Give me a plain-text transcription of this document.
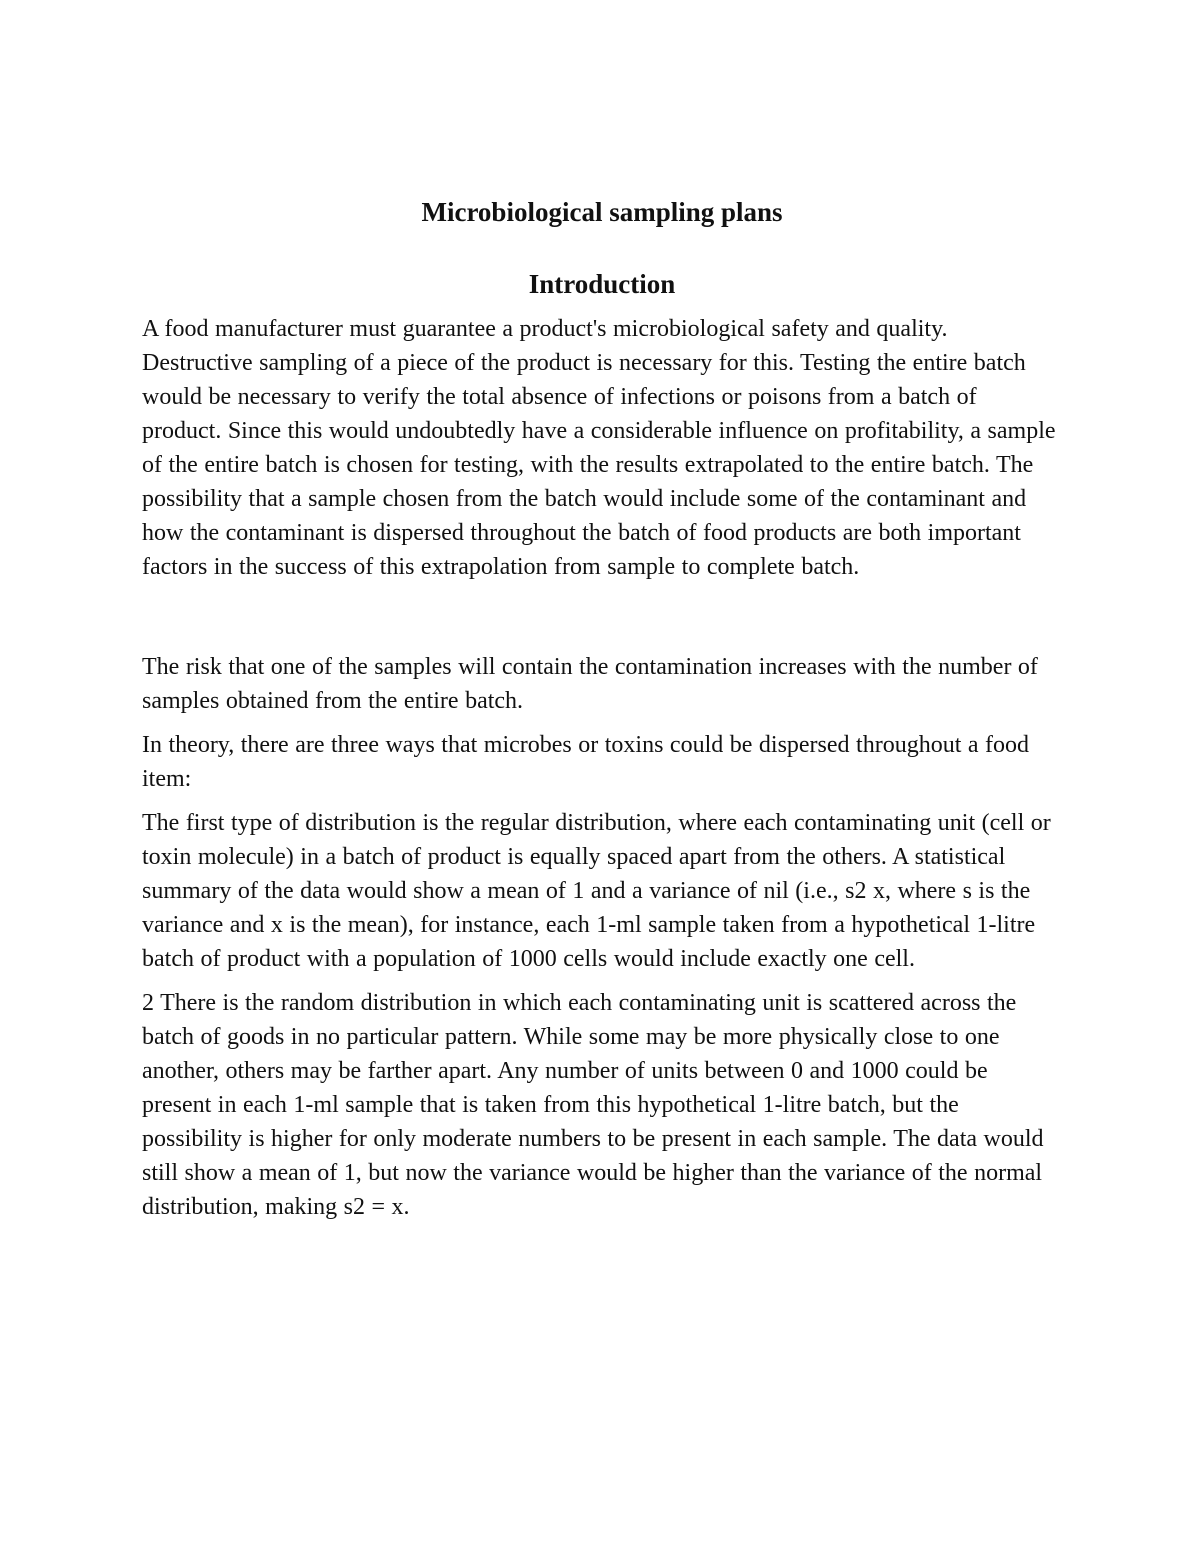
Microbiological sampling plans
Introduction

A food manufacturer must guarantee a product's microbiological safety and quality. Destructive sampling of a piece of the product is necessary for this. Testing the entire batch would be necessary to verify the total absence of infections or poisons from a batch of product. Since this would undoubtedly have a considerable influence on profitability, a sample of the entire batch is chosen for testing, with the results extrapolated to the entire batch. The possibility that a sample chosen from the batch would include some of the contaminant and how the contaminant is dispersed throughout the batch of food products are both important factors in the success of this extrapolation from sample to complete batch.

The risk that one of the samples will contain the contamination increases with the number of samples obtained from the entire batch.

In theory, there are three ways that microbes or toxins could be dispersed throughout a food item:

The first type of distribution is the regular distribution, where each contaminating unit (cell or toxin molecule) in a batch of product is equally spaced apart from the others. A statistical summary of the data would show a mean of 1 and a variance of nil (i.e., s2 x, where s is the variance and x is the mean), for instance, each 1-ml sample taken from a hypothetical 1-litre batch of product with a population of 1000 cells would include exactly one cell.

2 There is the random distribution in which each contaminating unit is scattered across the batch of goods in no particular pattern. While some may be more physically close to one another, others may be farther apart. Any number of units between 0 and 1000 could be present in each 1-ml sample that is taken from this hypothetical 1-litre batch, but the possibility is higher for only moderate numbers to be present in each sample. The data would still show a mean of 1, but now the variance would be higher than the variance of the normal distribution, making s2 = x.
